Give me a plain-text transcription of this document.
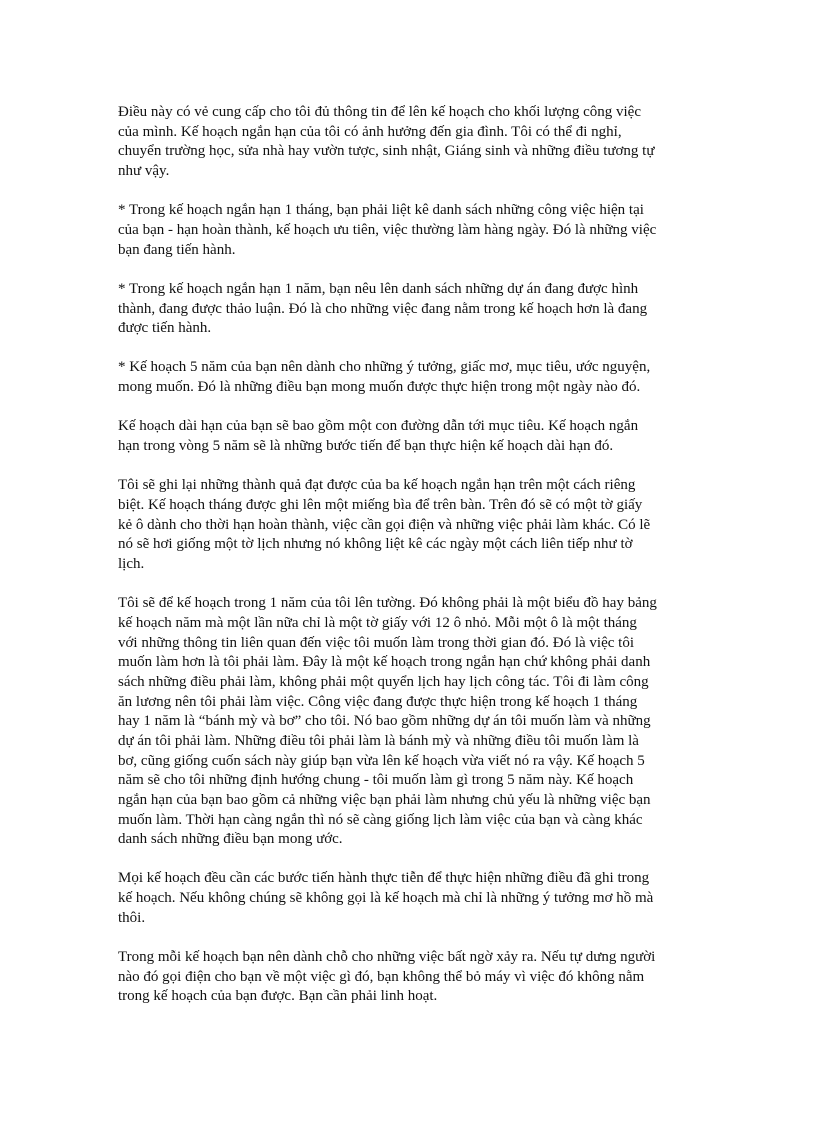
Điều này có vẻ cung cấp cho tôi đủ thông tin để lên kế hoạch cho khối lượng công việc
của mình. Kế hoạch ngắn hạn của tôi có ảnh hưởng đến gia đình. Tôi có thể đi nghỉ,
chuyển trường học, sửa nhà hay vườn tược, sinh nhật, Giáng sinh và những điều tương tự
như vậy.
* Trong kế hoạch ngắn hạn 1 tháng, bạn phải liệt kê danh sách những công việc hiện tại
của bạn - hạn hoàn thành, kế hoạch ưu tiên, việc thường làm hàng ngày. Đó là những việc
bạn đang tiến hành.
* Trong kế hoạch ngắn hạn 1 năm, bạn nêu lên danh sách những dự án đang được hình
thành, đang được thảo luận. Đó là cho những việc đang nằm trong kế hoạch hơn là đang
được tiến hành.
* Kế hoạch 5 năm của bạn nên dành cho những ý tưởng, giấc mơ, mục tiêu, ước nguyện,
mong muốn. Đó là những điều bạn mong muốn được thực hiện trong một ngày nào đó.
Kế hoạch dài hạn của bạn sẽ bao gồm một con đường dẫn tới mục tiêu. Kế hoạch ngắn
hạn trong vòng 5 năm sẽ là những bước tiến để bạn thực hiện kế hoạch dài hạn đó.
Tôi sẽ ghi lại những thành quả đạt được của ba kế hoạch ngắn hạn trên một cách riêng
biệt. Kế hoạch tháng được ghi lên một miếng bìa để trên bàn. Trên đó sẽ có một tờ giấy
kẻ ô dành cho thời hạn hoàn thành, việc cần gọi điện và những việc phải làm khác. Có lẽ
nó sẽ hơi giống một tờ lịch nhưng nó không liệt kê các ngày một cách liên tiếp như tờ
lịch.
Tôi sẽ để kế hoạch trong 1 năm của tôi lên tường. Đó không phải là một biểu đồ hay bảng
kế hoạch năm mà một lần nữa chỉ là một tờ giấy với 12 ô nhỏ. Mỗi một ô là một tháng
với những thông tin liên quan đến việc tôi muốn làm trong thời gian đó. Đó là việc tôi
muốn làm hơn là tôi phải làm. Đây là một kế hoạch trong ngắn hạn chứ không phải danh
sách những điều phải làm, không phải một quyển lịch hay lịch công tác. Tôi đi làm công
ăn lương nên tôi phải làm việc. Công việc đang được thực hiện trong kế hoạch 1 tháng
hay 1 năm là “bánh mỳ và bơ” cho tôi. Nó bao gồm những dự án tôi muốn làm và những
dự án tôi phải làm. Những điều tôi phải làm là bánh mỳ và những điều tôi muốn làm là
bơ, cũng giống cuốn sách này giúp bạn vừa lên kế hoạch vừa viết nó ra vậy. Kế hoạch 5
năm sẽ cho tôi những định hướng chung - tôi muốn làm gì trong 5 năm này. Kế hoạch
ngắn hạn của bạn bao gồm cả những việc bạn phải làm nhưng chủ yếu là những việc bạn
muốn làm. Thời hạn càng ngắn thì nó sẽ càng giống lịch làm việc của bạn và càng khác
danh sách những điều bạn mong ước.
Mọi kế hoạch đều cần các bước tiến hành thực tiễn để thực hiện những điều đã ghi trong
kế hoạch. Nếu không chúng sẽ không gọi là kế hoạch mà chỉ là những ý tưởng mơ hồ mà
thôi.
Trong mỗi kế hoạch bạn nên dành chỗ cho những việc bất ngờ xảy ra. Nếu tự dưng người
nào đó gọi điện cho bạn về một việc gì đó, bạn không thể bỏ máy vì việc đó không nằm
trong kế hoạch của bạn được. Bạn cần phải linh hoạt.
